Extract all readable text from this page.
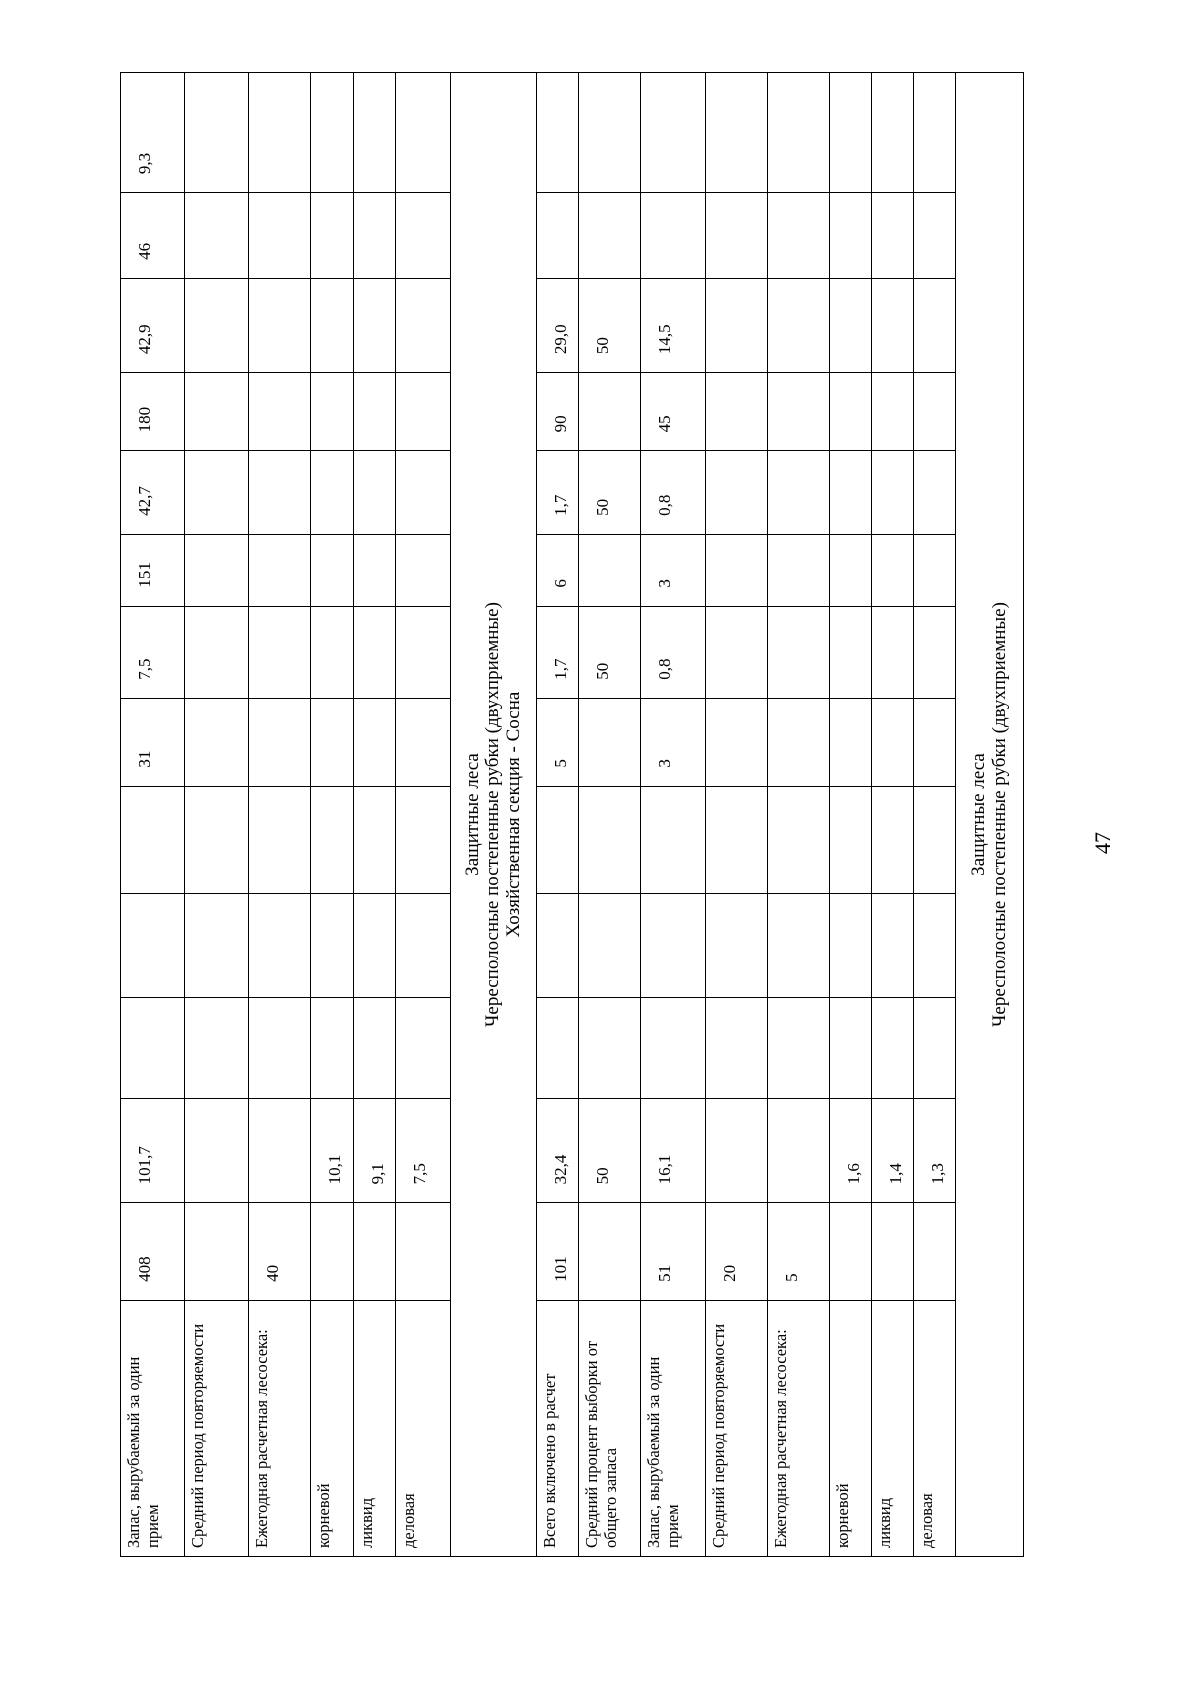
Запас, вырубаемый за один прием	408	101,7				31	7,5	151	42,7	180	42,9	46	9,3
Средний период повторяемости													
Ежегодная расчетная лесосека:	40												
корневой		10,1											
ликвид		9,1											
деловая		7,5											

Защитные леса Чересполосные постепенные рубки (двухприемные) Хозяйственная секция - Сосна													

Всего включено в расчет	101	32,4				5	1,7	6	1,7	90	29,0		
Средний процент выборки от общего запаса		50					50		50		50		
Запас, вырубаемый за один прием	51	16,1				3	0,8	3	0,8	45	14,5		
Средний период повторяемости	20												
Ежегодная расчетная лесосека:	5												
корневой		1,6											
ликвид		1,4											
деловая		1,3											

Защитные леса Чересполосные постепенные рубки (двухприемные)														47
